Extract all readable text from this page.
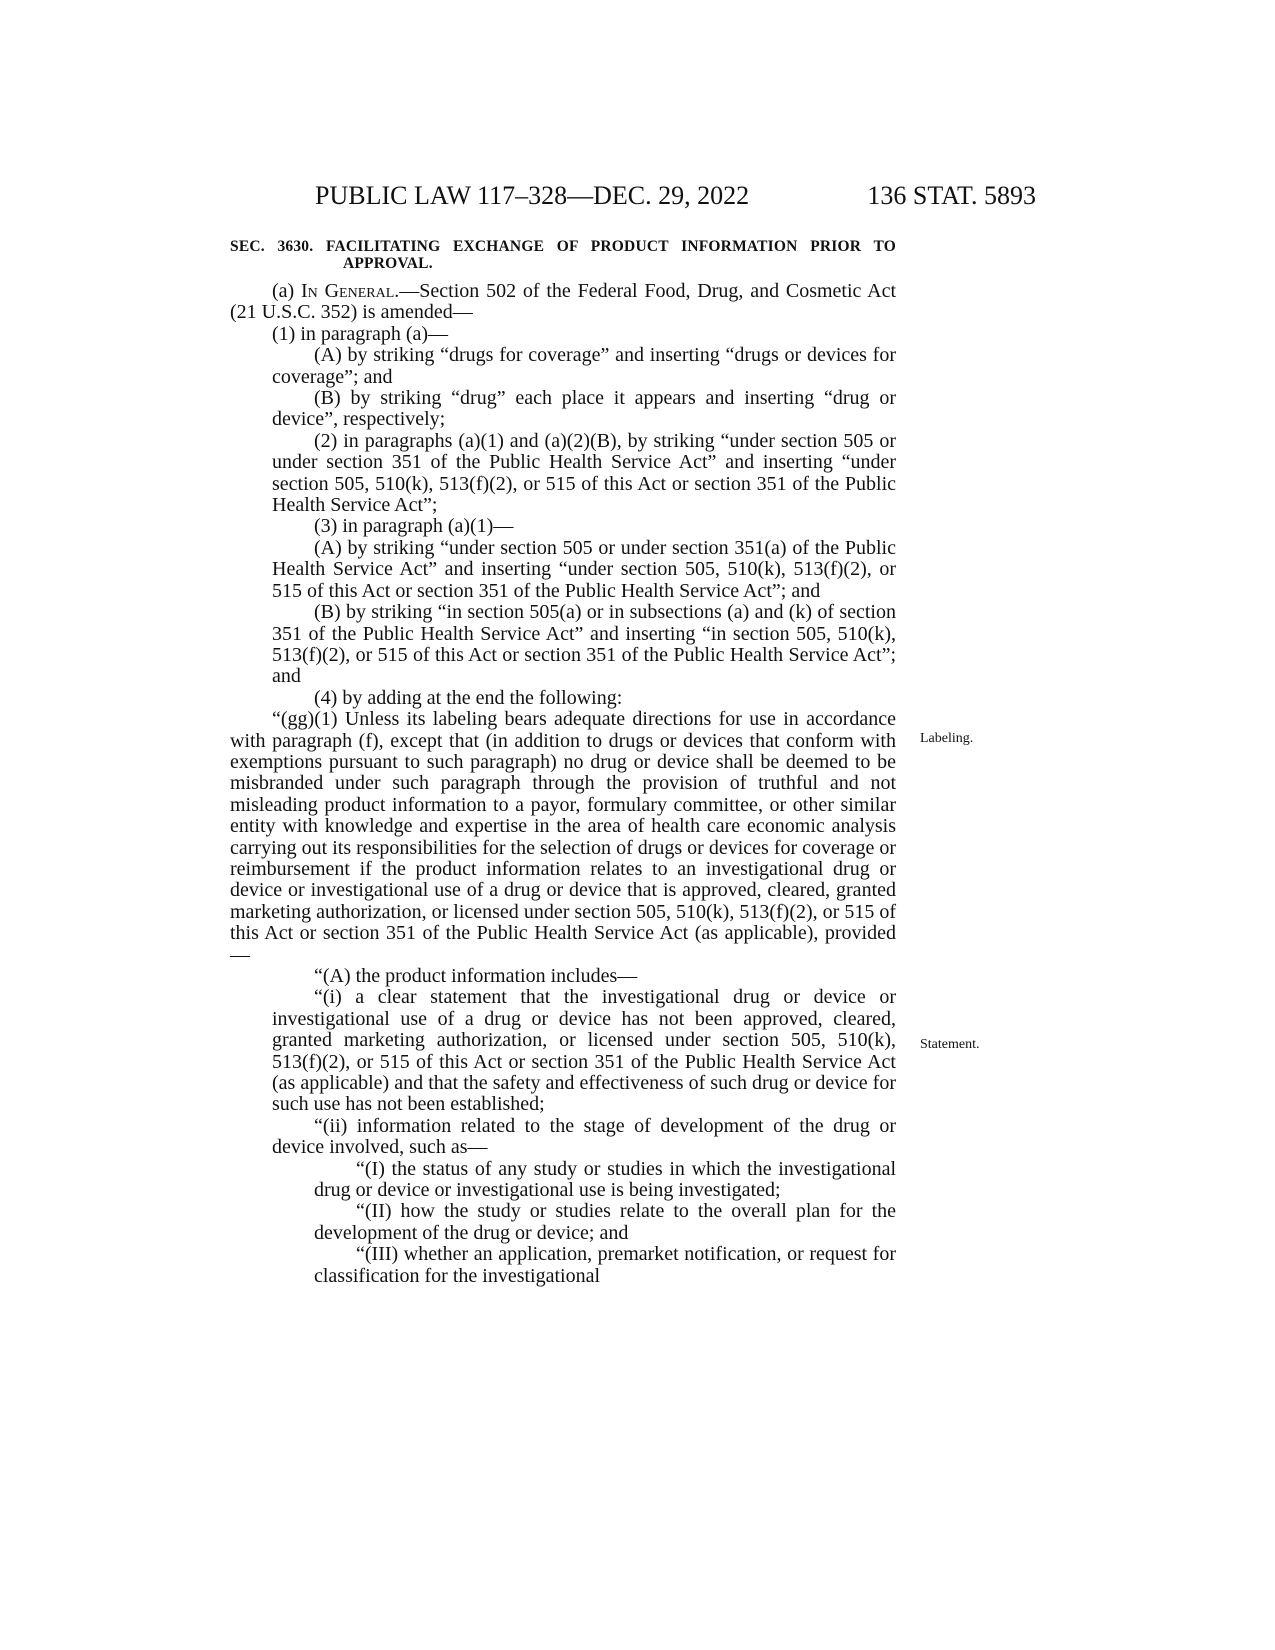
PUBLIC LAW 117–328—DEC. 29, 2022	136 STAT. 5893

SEC. 3630. FACILITATING EXCHANGE OF PRODUCT INFORMATION PRIOR TO APPROVAL.

(a) In General.—Section 502 of the Federal Food, Drug, and Cosmetic Act (21 U.S.C. 352) is amended—

(1) in paragraph (a)—

(A) by striking “drugs for coverage” and inserting “drugs or devices for coverage”; and

(B) by striking “drug” each place it appears and inserting “drug or device”, respectively;

(2) in paragraphs (a)(1) and (a)(2)(B), by striking “under section 505 or under section 351 of the Public Health Service Act” and inserting “under section 505, 510(k), 513(f)(2), or 515 of this Act or section 351 of the Public Health Service Act”;

(3) in paragraph (a)(1)—

(A) by striking “under section 505 or under section 351(a) of the Public Health Service Act” and inserting “under section 505, 510(k), 513(f)(2), or 515 of this Act or section 351 of the Public Health Service Act”; and

(B) by striking “in section 505(a) or in subsections (a) and (k) of section 351 of the Public Health Service Act” and inserting “in section 505, 510(k), 513(f)(2), or 515 of this Act or section 351 of the Public Health Service Act”; and

(4) by adding at the end the following:

“(gg)(1) Unless its labeling bears adequate directions for use in accordance with paragraph (f), except that (in addition to drugs or devices that conform with exemptions pursuant to such paragraph) no drug or device shall be deemed to be misbranded under such paragraph through the provision of truthful and not misleading product information to a payor, formulary committee, or other similar entity with knowledge and expertise in the area of health care economic analysis carrying out its responsibilities for the selection of drugs or devices for coverage or reimbursement if the product information relates to an investigational drug or device or investigational use of a drug or device that is approved, cleared, granted marketing authorization, or licensed under section 505, 510(k), 513(f)(2), or 515 of this Act or section 351 of the Public Health Service Act (as applicable), provided—

“(A) the product information includes—

“(i) a clear statement that the investigational drug or device or investigational use of a drug or device has not been approved, cleared, granted marketing authorization, or licensed under section 505, 510(k), 513(f)(2), or 515 of this Act or section 351 of the Public Health Service Act (as applicable) and that the safety and effectiveness of such drug or device for such use has not been established;

“(ii) information related to the stage of development of the drug or device involved, such as—

“(I) the status of any study or studies in which the investigational drug or device or investigational use is being investigated;

“(II) how the study or studies relate to the overall plan for the development of the drug or device; and

“(III) whether an application, premarket notification, or request for classification for the investigational

Labeling.
Statement.
